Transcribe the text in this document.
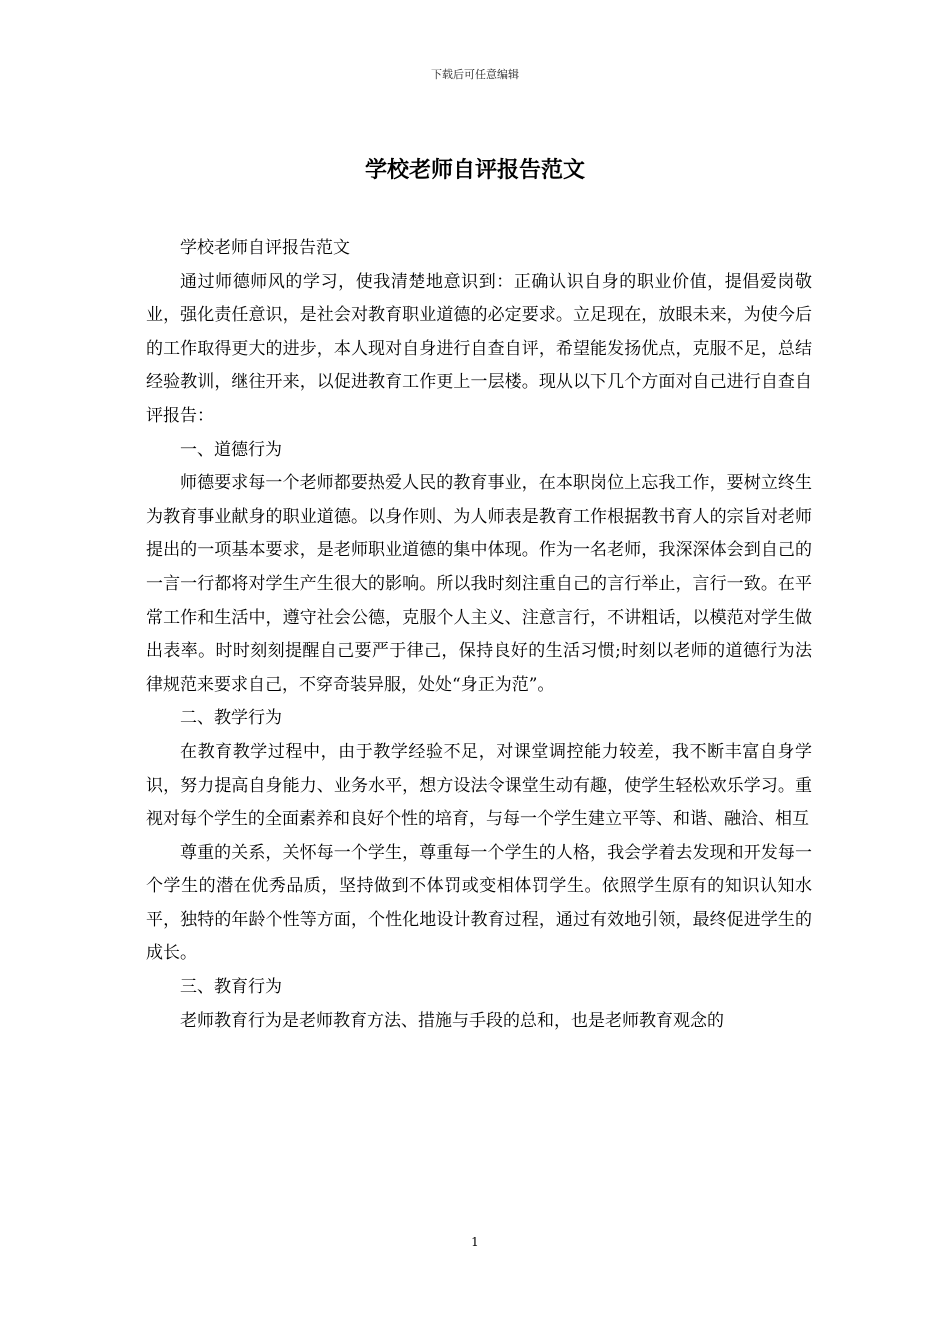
下载后可任意编辑
学校老师自评报告范文

学校老师自评报告范文

通过师德师风的学习，使我清楚地意识到：正确认识自身的职业价值，提倡爱岗敬业，强化责任意识，是社会对教育职业道德的必定要求。立足现在，放眼未来，为使今后的工作取得更大的进步，本人现对自身进行自查自评，希望能发扬优点，克服不足，总结经验教训，继往开来，以促进教育工作更上一层楼。现从以下几个方面对自己进行自查自评报告：

一、道德行为

师德要求每一个老师都要热爱人民的教育事业，在本职岗位上忘我工作，要树立终生为教育事业献身的职业道德。以身作则、为人师表是教育工作根据教书育人的宗旨对老师提出的一项基本要求，是老师职业道德的集中体现。作为一名老师，我深深体会到自己的一言一行都将对学生产生很大的影响。所以我时刻注重自己的言行举止，言行一致。在平常工作和生活中，遵守社会公德，克服个人主义、注意言行，不讲粗话，以模范对学生做出表率。时时刻刻提醒自己要严于律己，保持良好的生活习惯;时刻以老师的道德行为法律规范来要求自己，不穿奇装异服，处处“身正为范”。

二、教学行为

在教育教学过程中，由于教学经验不足，对课堂调控能力较差，我不断丰富自身学识，努力提高自身能力、业务水平，想方设法令课堂生动有趣，使学生轻松欢乐学习。重视对每个学生的全面素养和良好个性的培育，与每一个学生建立平等、和谐、融洽、相互

尊重的关系，关怀每一个学生，尊重每一个学生的人格，我会学着去发现和开发每一个学生的潜在优秀品质，坚持做到不体罚或变相体罚学生。依照学生原有的知识认知水平，独特的年龄个性等方面，个性化地设计教育过程，通过有效地引领，最终促进学生的成长。

三、教育行为

老师教育行为是老师教育方法、措施与手段的总和，也是老师教育观念的

1
